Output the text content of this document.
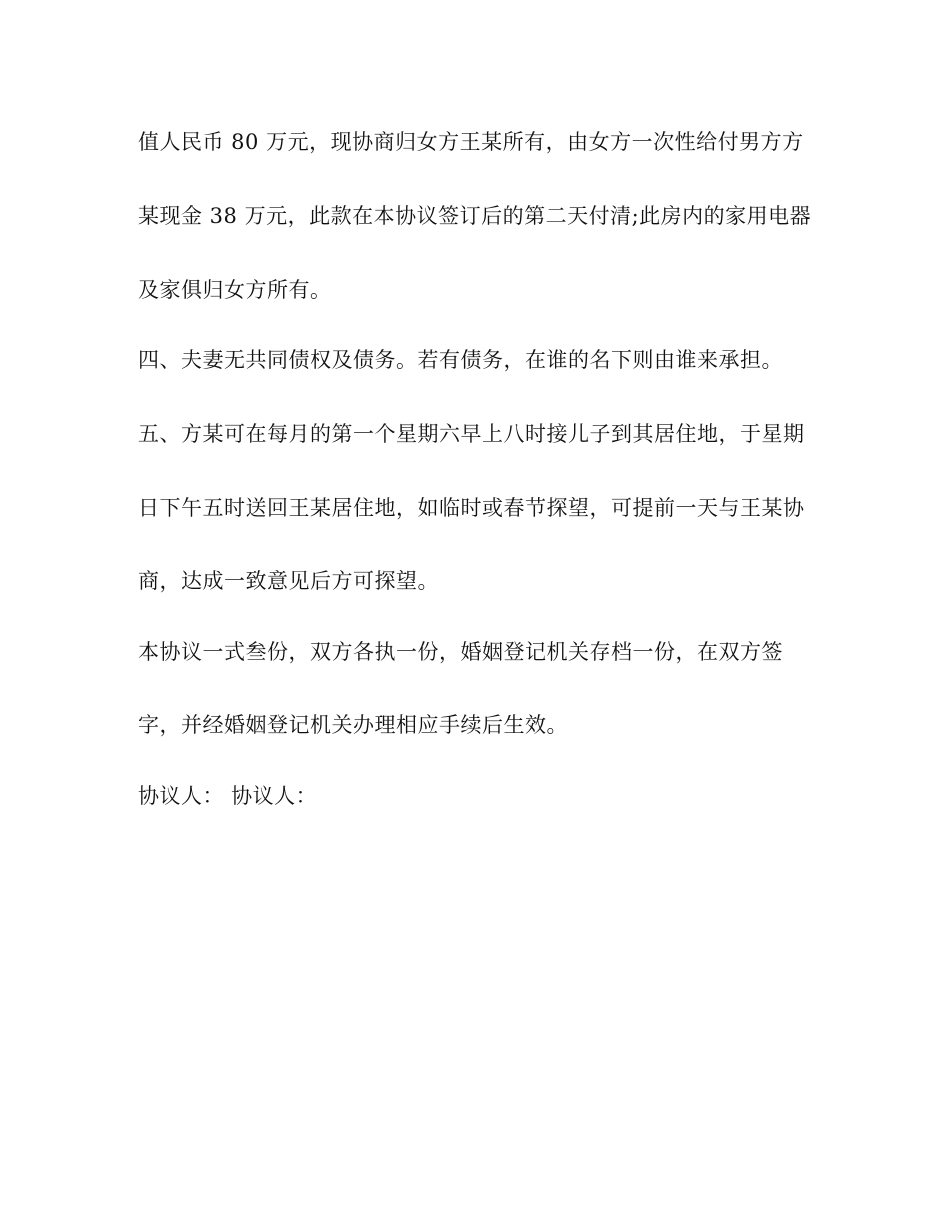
值人民币 80 万元，现协商归女方王某所有，由女方一次性给付男方方
某现金 38 万元，此款在本协议签订后的第二天付清;此房内的家用电器
及家俱归女方所有。
四、夫妻无共同债权及债务。若有债务，在谁的名下则由谁来承担。
五、方某可在每月的第一个星期六早上八时接儿子到其居住地，于星期
日下午五时送回王某居住地，如临时或春节探望，可提前一天与王某协
商，达成一致意见后方可探望。
本协议一式叁份，双方各执一份，婚姻登记机关存档一份，在双方签
字，并经婚姻登记机关办理相应手续后生效。
协议人： 协议人：
